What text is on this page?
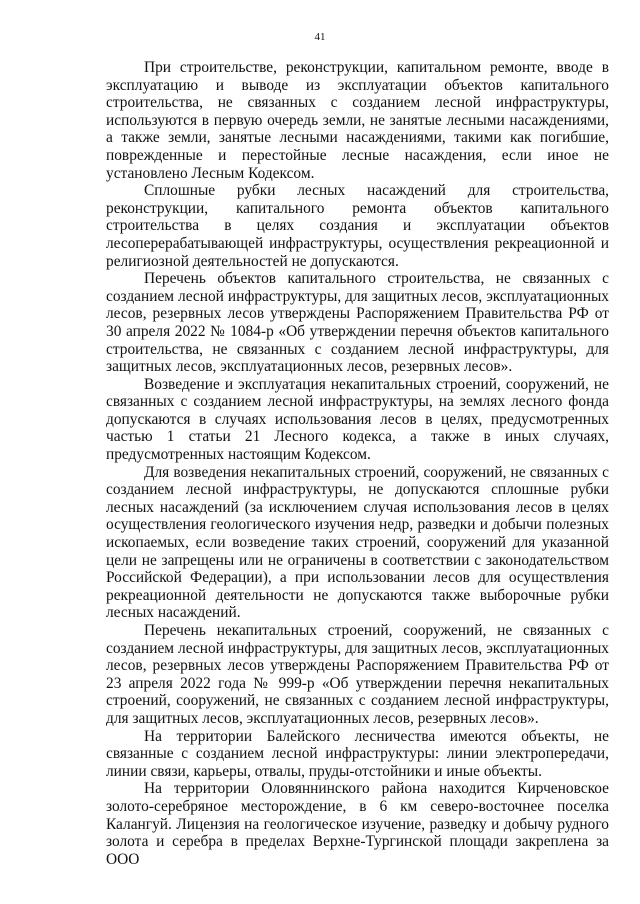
41

При строительстве, реконструкции, капитальном ремонте, вводе в эксплуатацию и выводе из эксплуатации объектов капитального строительства, не связанных с созданием лесной инфраструктуры, используются в первую очередь земли, не занятые лесными насаждениями, а также земли, занятые лесными насаждениями, такими как погибшие, поврежденные и перестойные лесные насаждения, если иное не установлено Лесным Кодексом.

Сплошные рубки лесных насаждений для строительства, реконструкции, капитального ремонта объектов капитального строительства в целях создания и эксплуатации объектов лесоперерабатывающей инфраструктуры, осуществления рекреационной и религиозной деятельностей не допускаются.

Перечень объектов капитального строительства, не связанных с созданием лесной инфраструктуры, для защитных лесов, эксплуатационных лесов, резервных лесов утверждены Распоряжением Правительства РФ от 30 апреля 2022 № 1084-р «Об утверждении перечня объектов капитального строительства, не связанных с созданием лесной инфраструктуры, для защитных лесов, эксплуатационных лесов, резервных лесов».

Возведение и эксплуатация некапитальных строений, сооружений, не связанных с созданием лесной инфраструктуры, на землях лесного фонда допускаются в случаях использования лесов в целях, предусмотренных частью 1 статьи 21 Лесного кодекса, а также в иных случаях, предусмотренных настоящим Кодексом.

Для возведения некапитальных строений, сооружений, не связанных с созданием лесной инфраструктуры, не допускаются сплошные рубки лесных насаждений (за исключением случая использования лесов в целях осуществления геологического изучения недр, разведки и добычи полезных ископаемых, если возведение таких строений, сооружений для указанной цели не запрещены или не ограничены в соответствии с законодательством Российской Федерации), а при использовании лесов для осуществления рекреационной деятельности не допускаются также выборочные рубки лесных насаждений.

Перечень некапитальных строений, сооружений, не связанных с созданием лесной инфраструктуры, для защитных лесов, эксплуатационных лесов, резервных лесов утверждены Распоряжением Правительства РФ от 23 апреля 2022 года № 999-р «Об утверждении перечня некапитальных строений, сооружений, не связанных с созданием лесной инфраструктуры, для защитных лесов, эксплуатационных лесов, резервных лесов».

На территории Балейского лесничества имеются объекты, не связанные с созданием лесной инфраструктуры: линии электропередачи, линии связи, карьеры, отвалы, пруды-отстойники и иные объекты.

На территории Оловяннинского района находится Кирченовское золото-серебряное месторождение, в 6 км северо-восточнее поселка Калангуй. Лицензия на геологическое изучение, разведку и добычу рудного золота и серебра в пределах Верхне-Тургинской площади закреплена за ООО
